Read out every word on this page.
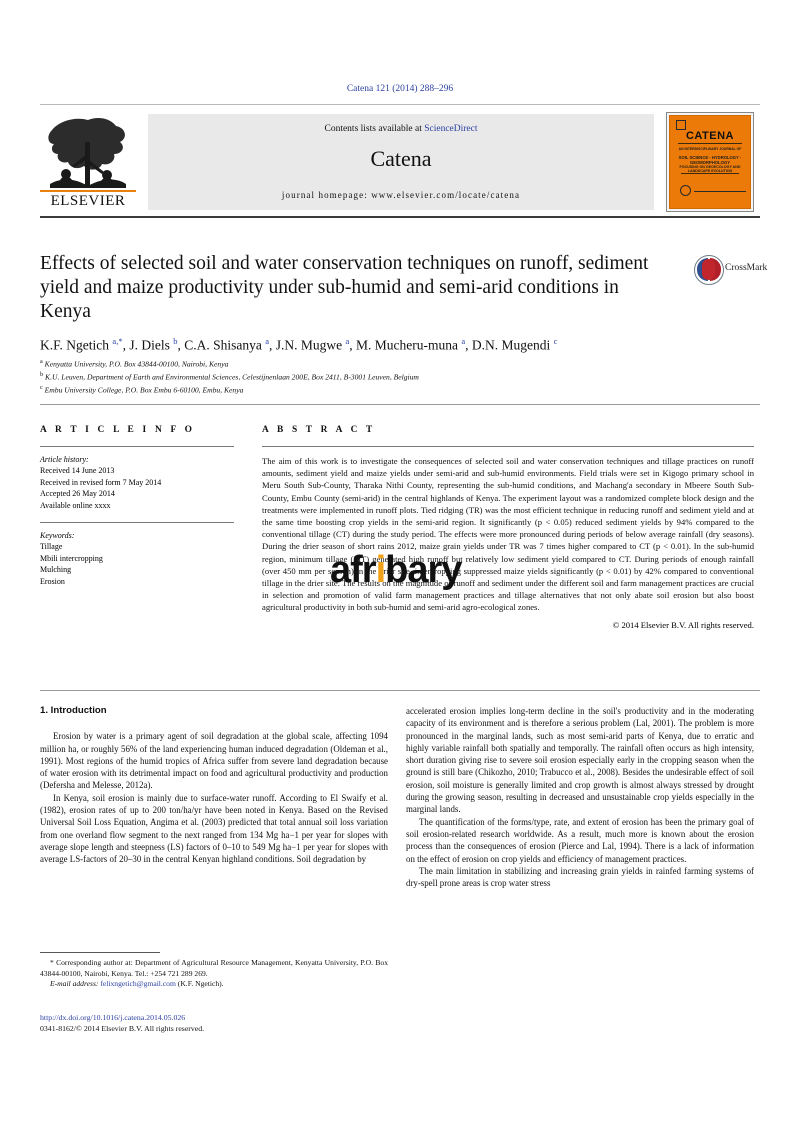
Catena 121 (2014) 288–296
ELSEVIER
Contents lists available at ScienceDirect
Catena
journal homepage: www.elsevier.com/locate/catena
CATENA
AN INTERDISCIPLINARY JOURNAL OF
SOIL SCIENCE - HYDROLOGY - GEOMORPHOLOGY
FOCUSING ON GEOECOLOGY AND LANDSCAPE EVOLUTION
Effects of selected soil and water conservation techniques on runoff, sediment yield and maize productivity under sub-humid and semi-arid conditions in Kenya
CrossMark
K.F. Ngetich $^{a,*}$, J. Diels $^b$, C.A. Shisanya $^a$, J.N. Mugwe $^a$, M. Mucheru-muna $^a$, D.N. Mugendi $^c$
$^a$ Kenyatta University, P.O. Box 43844-00100, Nairobi, Kenya
$^b$ K.U. Leuven, Department of Earth and Environmental Sciences, Celestijnenlaan 200E, Box 2411, B-3001 Leuven, Belgium
$^c$ Embu University College, P.O. Box Embu 6-60100, Embu, Kenya
A R T I C L E I N F O
Article history:
Received 14 June 2013
Received in revised form 7 May 2014
Accepted 26 May 2014
Available online xxxx
Keywords:
Tillage
Mbili intercropping
Mulching
Erosion
A B S T R A C T
The aim of this work is to investigate the consequences of selected soil and water conservation techniques and tillage practices on runoff amounts, sediment yield and maize yields under semi-arid and sub-humid environments. Field trials were set in Kigogo primary school in Meru South Sub-County, Tharaka Nithi County, representing the sub-humid conditions, and Machang'a secondary in Mbeere South Sub-County, Embu County (semi-arid) in the central highlands of Kenya. The experiment layout was a randomized complete block design and the treatments were implemented in runoff plots. Tied ridging (TR) was the most efficient technique in reducing runoff and sediment yield and at the same time boosting crop yields in the semi-arid region. It significantly (p < 0.05) reduced sediment yields by 94% compared to the conventional tillage (CT) during the study period. The effects were more pronounced during periods of below average rainfall (dry seasons). During the drier season of short rains 2012, maize grain yields under TR was 7 times higher compared to CT (p < 0.01). In the sub-humid region, minimum tillage (MT) generated high runoff but relatively low sediment yield compared to CT. During periods of enough rainfall (over 450 mm per season) in the drier site, intercropping suppressed maize yields significantly (p < 0.01) by 42% compared to conventional tillage in the drier site. The results on the magnitude of runoff and sediment under the different soil and farm management practices are crucial in selection and promotion of valid farm management practices and tillage alternatives that not only abate soil erosion but also boost agricultural productivity in both sub-humid and semi-arid agro-ecological zones.
© 2014 Elsevier B.V. All rights reserved.
afribary
1. Introduction

Erosion by water is a primary agent of soil degradation at the global scale, affecting 1094 million ha, or roughly 56% of the land experiencing human induced degradation (Oldeman et al., 1991). Most regions of the humid tropics of Africa suffer from severe land degradation because of water erosion with its detrimental impact on food and agricultural productivity and production (Defersha and Melesse, 2012a).

In Kenya, soil erosion is mainly due to surface-water runoff. According to El Swaify et al. (1982), erosion rates of up to 200 ton/ha/yr have been noted in Kenya. Based on the Revised Universal Soil Loss Equation, Angima et al. (2003) predicted that total annual soil loss variation from one overland flow segment to the next ranged from 134 Mg ha−1 per year for slopes with average slope length and steepness (LS) factors of 0–10 to 549 Mg ha−1 per year for slopes with average LS-factors of 20–30 in the central Kenyan highland conditions. Soil degradation by

accelerated erosion implies long-term decline in the soil's productivity and in the moderating capacity of its environment and is therefore a serious problem (Lal, 2001). The problem is more pronounced in the marginal lands, such as most semi-arid parts of Kenya, due to erratic and highly variable rainfall both spatially and temporally. The rainfall often occurs as high intensity, short duration giving rise to severe soil erosion especially early in the cropping season when the ground is still bare (Chikozho, 2010; Trabucco et al., 2008). Besides the undesirable effect of soil erosion, soil moisture is generally limited and crop growth is almost always stressed by drought during the growing season, resulting in decreased and unsustainable crop yields especially in the marginal lands.

The quantification of the forms/type, rate, and extent of erosion has been the primary goal of soil erosion-related research worldwide. As a result, much more is known about the erosion process than the consequences of erosion (Pierce and Lal, 1994). There is a lack of information on the effect of erosion on crop yields and efficiency of management practices.

The main limitation in stabilizing and increasing grain yields in rainfed farming systems of dry-spell prone areas is crop water stress

* Corresponding author at: Department of Agricultural Resource Management, Kenyatta University, P.O. Box 43844-00100, Nairobi, Kenya. Tel.: +254 721 289 269.
E-mail address: felixngetich@gmail.com (K.F. Ngetich).
http://dx.doi.org/10.1016/j.catena.2014.05.026
0341-8162/© 2014 Elsevier B.V. All rights reserved.
